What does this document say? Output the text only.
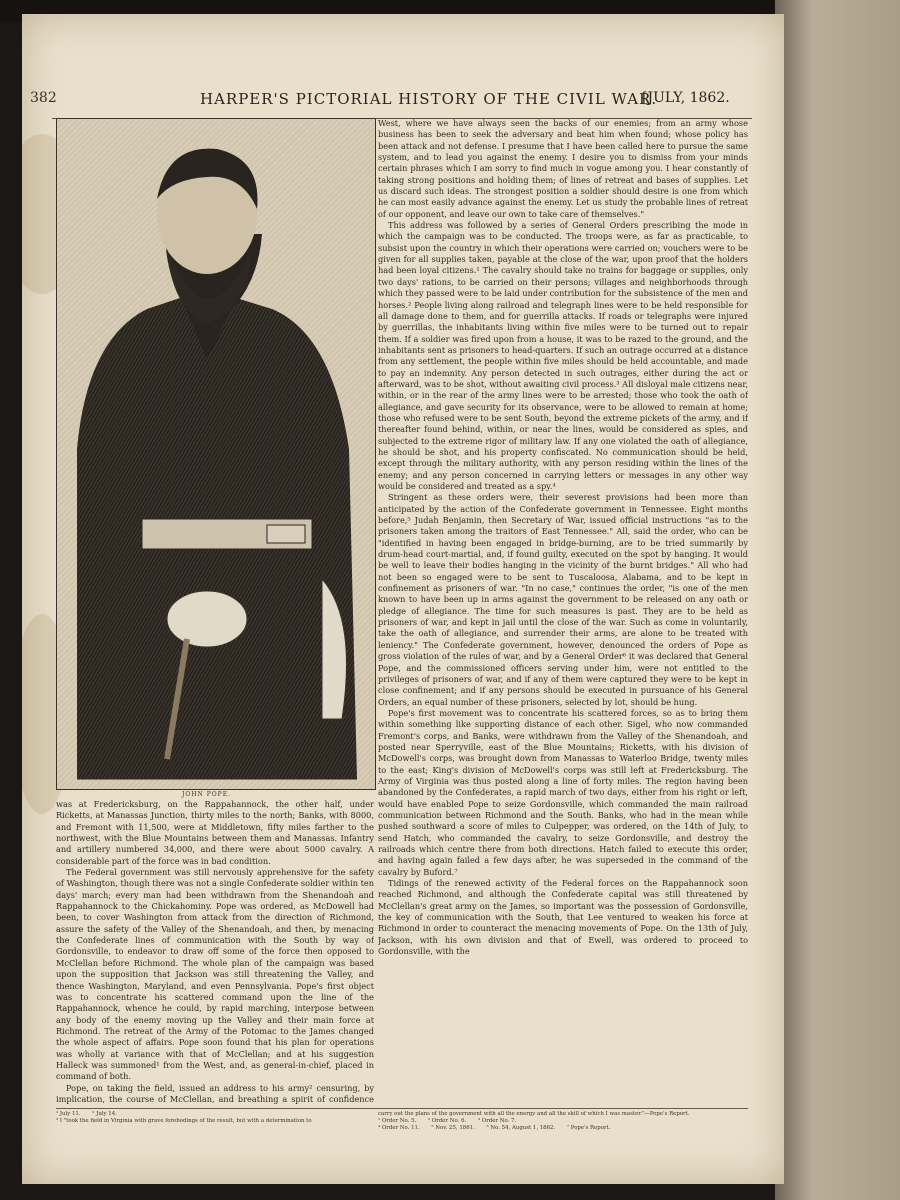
382	HARPER'S PICTORIAL HISTORY OF THE CIVIL WAR.
[JULY, 1862.
JOHN POPE.

West, where we have always seen the backs of our enemies; from an army whose business has been to seek the adversary and beat him when found; whose policy has been attack and not defense. I presume that I have been called here to pursue the same system, and to lead you against the enemy. I desire you to dismiss from your minds certain phrases which I am sorry to find much in vogue among you. I hear constantly of taking strong positions and holding them; of lines of retreat and bases of supplies. Let us discard such ideas. The strongest position a soldier should desire is one from which he can most easily advance against the enemy. Let us study the probable lines of retreat of our opponent, and leave our own to take care of themselves."

This address was followed by a series of General Orders prescribing the mode in which the campaign was to be conducted. The troops were, as far as practicable, to subsist upon the country in which their operations were carried on; vouchers were to be given for all supplies taken, payable at the close of the war, upon proof that the holders had been loyal citizens.¹ The cavalry should take no trains for baggage or supplies, only two days' rations, to be carried on their persons; villages and neighborhoods through which they passed were to be laid under contribution for the subsistence of the men and horses.² People living along railroad and telegraph lines were to be held responsible for all damage done to them, and for guerrilla attacks. If roads or telegraphs were injured by guerrillas, the inhabitants living within five miles were to be turned out to repair them. If a soldier was fired upon from a house, it was to be razed to the ground, and the inhabitants sent as prisoners to head-quarters. If such an outrage occurred at a distance from any settlement, the people within five miles should be held accountable, and made to pay an indemnity. Any person detected in such outrages, either during the act or afterward, was to be shot, without awaiting civil process.³ All disloyal male citizens near, within, or in the rear of the army lines were to be arrested; those who took the oath of allegiance, and gave security for its observance, were to be allowed to remain at home; those who refused were to be sent South, beyond the extreme pickets of the army, and if thereafter found behind, within, or near the lines, would be considered as spies, and subjected to the extreme rigor of military law. If any one violated the oath of allegiance, he should be shot, and his property confiscated. No communication should be held, except through the military authority, with any person residing within the lines of the enemy; and any person concerned in carrying letters or messages in any other way would be considered and treated as a spy.⁴

Stringent as these orders were, their severest provisions had been more than anticipated by the action of the Confederate government in Tennessee. Eight months before,⁵ Judah Benjamin, then Secretary of War, issued official instructions "as to the prisoners taken among the traitors of East Tennessee." All, said the order, who can be "identified in having been engaged in bridge-burning, are to be tried summarily by drum-head court-martial, and, if found guilty, executed on the spot by hanging. It would be well to leave their bodies hanging in the vicinity of the burnt bridges." All who had not been so engaged were to be sent to Tuscaloosa, Alabama, and to be kept in confinement as prisoners of war. "In no case," continues the order, "is one of the men known to have been up in arms against the government to be released on any oath or pledge of allegiance. The time for such measures is past. They are to be held as prisoners of war, and kept in jail until the close of the war. Such as come in voluntarily, take the oath of allegiance, and surrender their arms, are alone to be treated with leniency." The Confederate government, however, denounced the orders of Pope as gross violation of the rules of war, and by a General Order⁶ it was declared that General Pope, and the commissioned officers serving under him, were not entitled to the privileges of prisoners of war, and if any of them were captured they were to be kept in close confinement; and if any persons should be executed in pursuance of his General Orders, an equal number of these prisoners, selected by lot, should be hung.

Pope's first movement was to concentrate his scattered forces, so as to bring them within something like supporting distance of each other. Sigel, who now commanded Fremont's corps, and Banks, were withdrawn from the Valley of the Shenandoah, and posted near Sperryville, east of the Blue Mountains; Ricketts, with his division of McDowell's corps, was brought down from Manassas to Waterloo Bridge, twenty miles to the east; King's division of McDowell's corps was still left at Fredericksburg. The Army of Virginia was thus posted along a line of forty miles. The region having been abandoned by the Confederates, a rapid march of two days, either from his right or left, would have enabled Pope to seize Gordonsville, which commanded the main railroad communication between Richmond and the South. Banks, who had in the mean while pushed southward a score of miles to Culpepper, was ordered, on the 14th of July, to send Hatch, who commanded the cavalry, to seize Gordonsville, and destroy the railroads which centre there from both directions. Hatch failed to execute this order, and having again failed a few days after, he was superseded in the command of the cavalry by Buford.⁷

Tidings of the renewed activity of the Federal forces on the Rappahannock soon reached Richmond, and although the Confederate capital was still threatened by McClellan's great army on the James, so important was the possession of Gordonsville, the key of communication with the South, that Lee ventured to weaken his force at Richmond in order to counteract the menacing movements of Pope. On the 13th of July, Jackson, with his own division and that of Ewell, was ordered to proceed to Gordonsville, with the

was at Fredericksburg, on the Rappahannock, the other half, under Ricketts, at Manassas Junction, thirty miles to the north; Banks, with 8000, and Fremont with 11,500, were at Middletown, fifty miles farther to the northwest, with the Blue Mountains between them and Manassas. Infantry and artillery numbered 34,000, and there were about 5000 cavalry. A considerable part of the force was in bad condition.

The Federal government was still nervously apprehensive for the safety of Washington, though there was not a single Confederate soldier within ten days' march; every man had been withdrawn from the Shenandoah and Rappahannock to the Chickahominy. Pope was ordered, as McDowell had been, to cover Washington from attack from the direction of Richmond, assure the safety of the Valley of the Shenandoah, and then, by menacing the Confederate lines of communication with the South by way of Gordonsville, to endeavor to draw off some of the force then opposed to McClellan before Richmond. The whole plan of the campaign was based upon the supposition that Jackson was still threatening the Valley, and thence Washington, Maryland, and even Pennsylvania. Pope's first object was to concentrate his scattered command upon the line of the Rappahannock, whence he could, by rapid marching, interpose between any body of the enemy moving up the Valley and their main force at Richmond. The retreat of the Army of the Potomac to the James changed the whole aspect of affairs. Pope soon found that his plan for operations was wholly at variance with that of McClellan; and at his suggestion Halleck was summoned¹ from the West, and, as general-in-chief, placed in command of both.

Pope, on taking the field, issued an address to his army² censuring, by implication, the course of McClellan, and breathing a spirit of confidence

¹ July 11. ² July 14.
³ I "took the field in Virginia with grave forebodings of the result, but with a determination to
carry out the plans of the government with all the energy and all the skill of which I was master."—Pope's Report.
¹ Order No. 5. ² Order No. 6. ³ Order No. 7.
⁴ Order No. 11. ⁵ Nov. 25, 1861. ⁶ No. 54, August 1, 1862. ⁷ Pope's Report.
